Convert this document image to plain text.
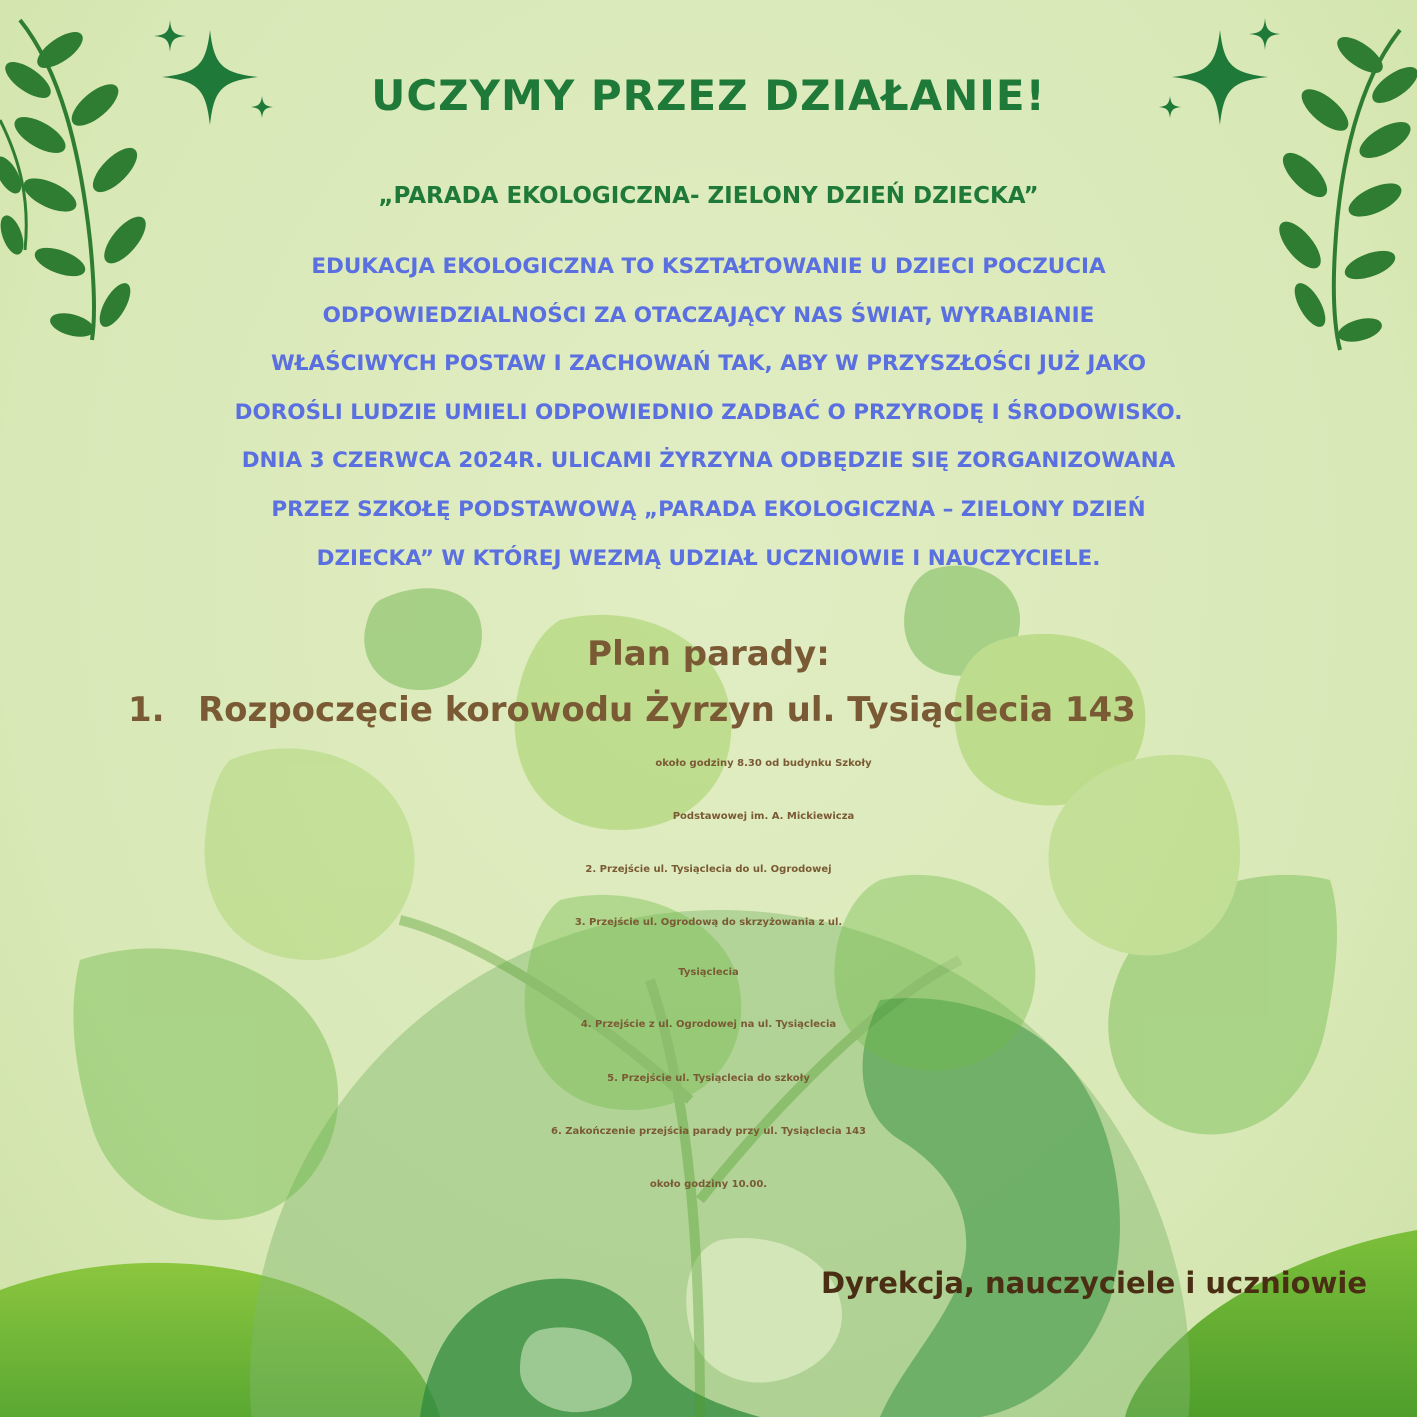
UCZYMY PRZEZ DZIAŁANIE!
„PARADA EKOLOGICZNA- ZIELONY DZIEŃ DZIECKA”
EDUKACJA EKOLOGICZNA TO KSZTAŁTOWANIE U DZIECI POCZUCIA
ODPOWIEDZIALNOŚCI ZA OTACZAJĄCY NAS ŚWIAT, WYRABIANIE
WŁAŚCIWYCH POSTAW I ZACHOWAŃ TAK, ABY W PRZYSZŁOŚCI JUŻ JAKO
DOROŚLI LUDZIE UMIELI ODPOWIEDNIO ZADBAĆ O PRZYRODĘ I ŚRODOWISKO.
DNIA 3 CZERWCA 2024R. ULICAMI ŻYRZYNA ODBĘDZIE SIĘ ZORGANIZOWANA
PRZEZ SZKOŁĘ PODSTAWOWĄ „PARADA EKOLOGICZNA – ZIELONY DZIEŃ
DZIECKA” W KTÓREJ WEZMĄ UDZIAŁ UCZNIOWIE I NAUCZYCIELE.
Plan parady:

1. Rozpoczęcie korowodu Żyrzyn ul. Tysiąclecia 143

około godziny 8.30 od budynku Szkoły

Podstawowej im. A. Mickiewicza

2. Przejście ul. Tysiąclecia do ul. Ogrodowej

3. Przejście ul. Ogrodową do skrzyżowania z ul.

Tysiąclecia

4. Przejście z ul. Ogrodowej na ul. Tysiąclecia

5. Przejście ul. Tysiąclecia do szkoły

6. Zakończenie przejścia parady przy ul. Tysiąclecia 143

około godziny 10.00.

Dyrekcja, nauczyciele i uczniowie
